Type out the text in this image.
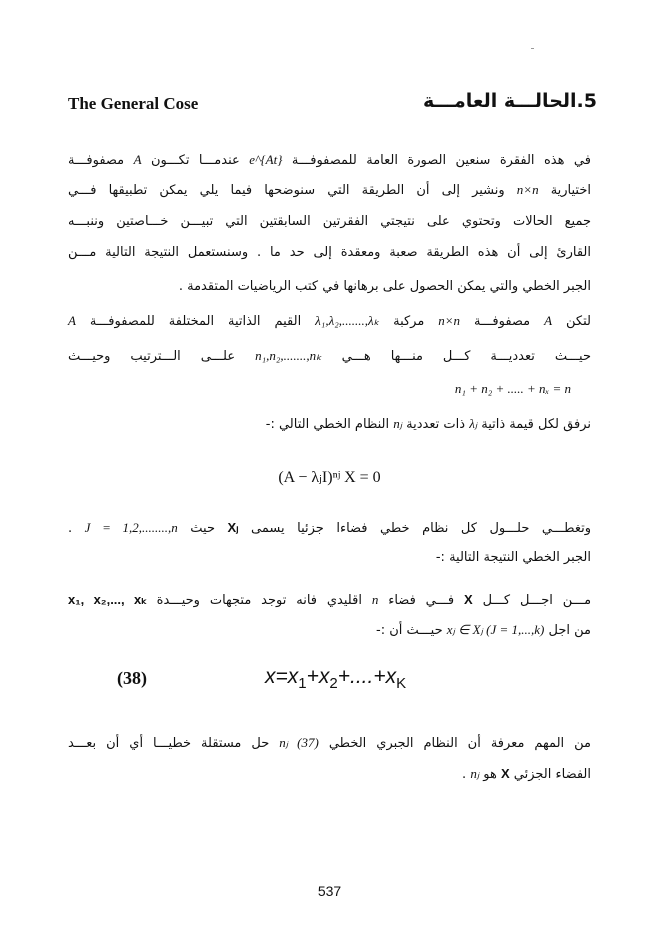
The General Cose	5.الحالـــة العامـــة
في هذه الفقرة سنعين الصورة العامة للمصفوفـــة e^{At} عندمـــا تكـــون A مصفوفـــة
اختيارية n×n ونشير إلى أن الطريقة التي سنوضحها فيما يلي يمكن تطبيقها فـــي
جميع الحالات وتحتوي على نتيجتي الفقرتين السابقتين التي تبيـــن خـــاصتين وننبـــه
القارئ إلى أن هذه الطريقة صعبة ومعقدة إلى حد ما . وسنستعمل النتيجة التالية مـــن
الجبر الخطي والتي يمكن الحصول على برهانها في كتب الرياضيات المتقدمة .
لتكن A مصفوفـــة n×n مركبة λ₁,λ₂,.......,λₖ القيم الذاتية المختلفة للمصفوفـــة A
حيـــث تعدديـــة كـــل منـــها هـــي n₁,n₂,.......,nₖ علـــى الـــترتيب وحيـــث
n₁ + n₂ + ..... + nₓ = n
نرفق لكل قيمة ذاتية λⱼ ذات تعددية nⱼ النظام الخطي التالي :-
(A − λⱼI)ⁿʲ X = 0
وتغطـــي حلـــول كل نظام خطي فضاءا جزئيا يسمى Xⱼ حيث J = 1,2,........,n .
الجبر الخطي النتيجة التالية :-
مـــن اجـــل كـــل X فـــي فضاء n اقليدي فانه توجد متجهات وحيـــدة x₁, x₂,..., xₖ
من اجل xⱼ ∈ Xⱼ (J = 1,...,k) حيـــث أن :-
(38)	$x=x_1+x_2+....+x_K$
من المهم معرفة أن النظام الجبري الخطي nⱼ (37) حل مستقلة خطيـــا أي أن بعـــد
الفضاء الجزئي X هو nⱼ .
537
